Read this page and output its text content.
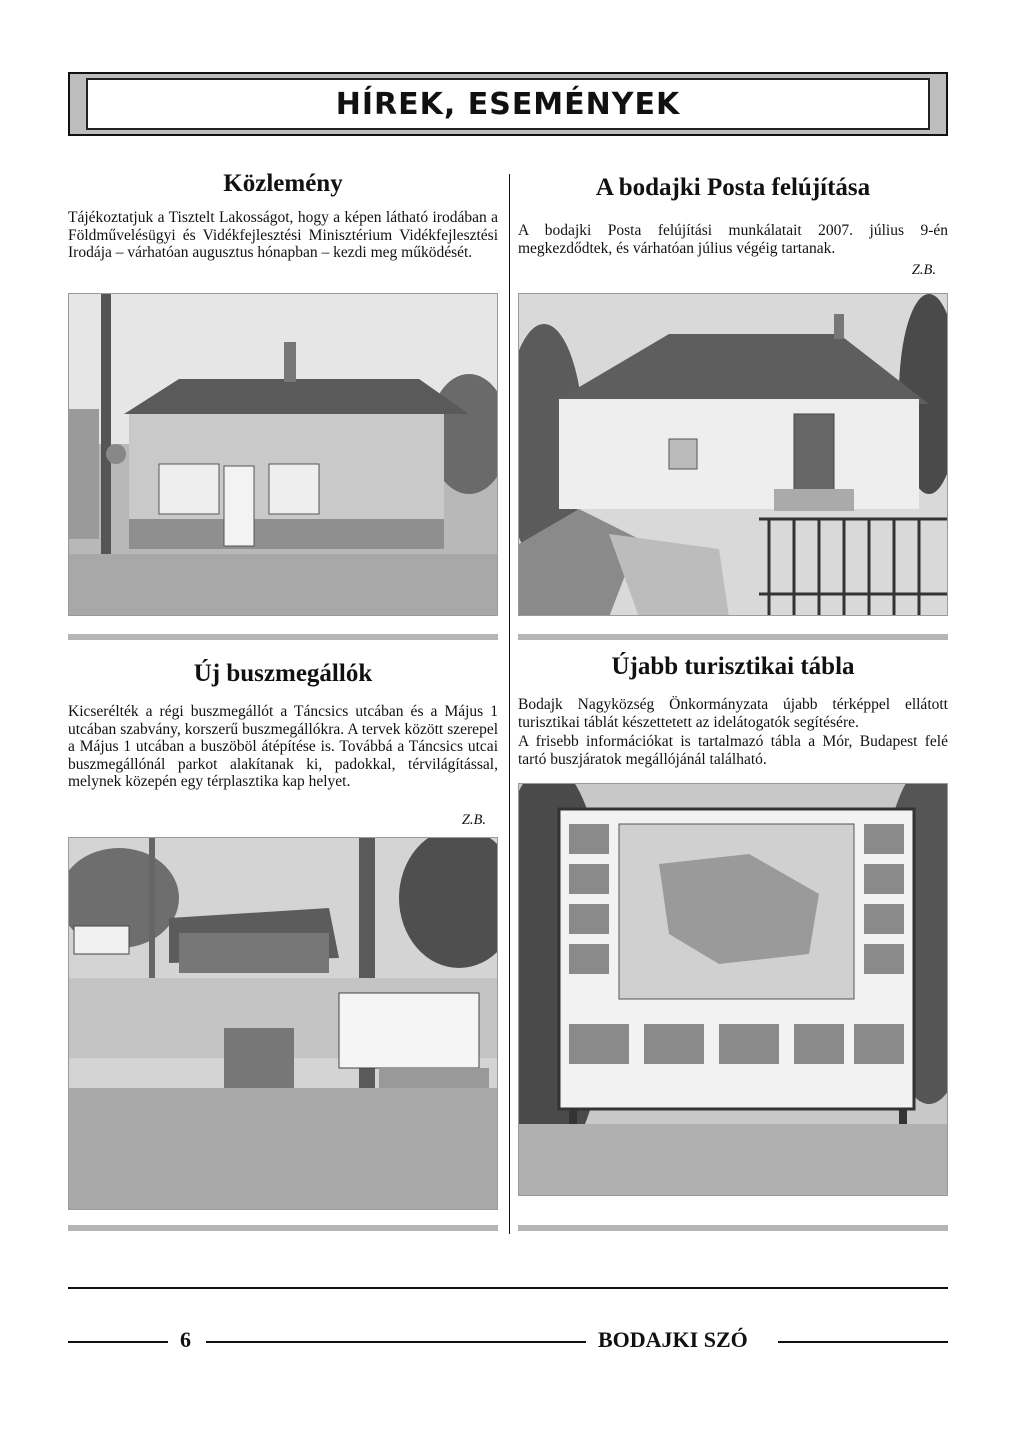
HÍREK, ESEMÉNYEK
Közlemény

Tájékoztatjuk a Tisztelt Lakosságot, hogy a képen látható irodában a Földművelésügyi és Vidékfejlesztési Minisztérium Vidékfejlesztési Irodája – várhatóan augusztus hónapban – kezdi meg működését.

A bodajki Posta felújítása

A bodajki Posta felújítási munkálatait 2007. július 9-én megkezdődtek, és várhatóan július végéig tartanak.

Z.B.
Új buszmegállók

Kicserélték a régi buszmegállót a Táncsics utcában és a Május 1 utcában szabvány, korszerű buszmegállókra. A tervek között szerepel a Május 1 utcában a buszöböl átépítése is. Továbbá a Táncsics utcai buszmegállónál parkot alakítanak ki, padokkal, térvilágítással, melynek közepén egy térplasztika kap helyet.

Z.B.
Újabb turisztikai tábla

Bodajk Nagyközség Önkormányzata újabb térképpel ellátott turisztikai táblát készettetett az idelátogatók segítésére.

A frisebb információkat is tartalmazó tábla a Mór, Budapest felé tartó buszjáratok megállójánál található.

6	BODAJKI SZÓ
